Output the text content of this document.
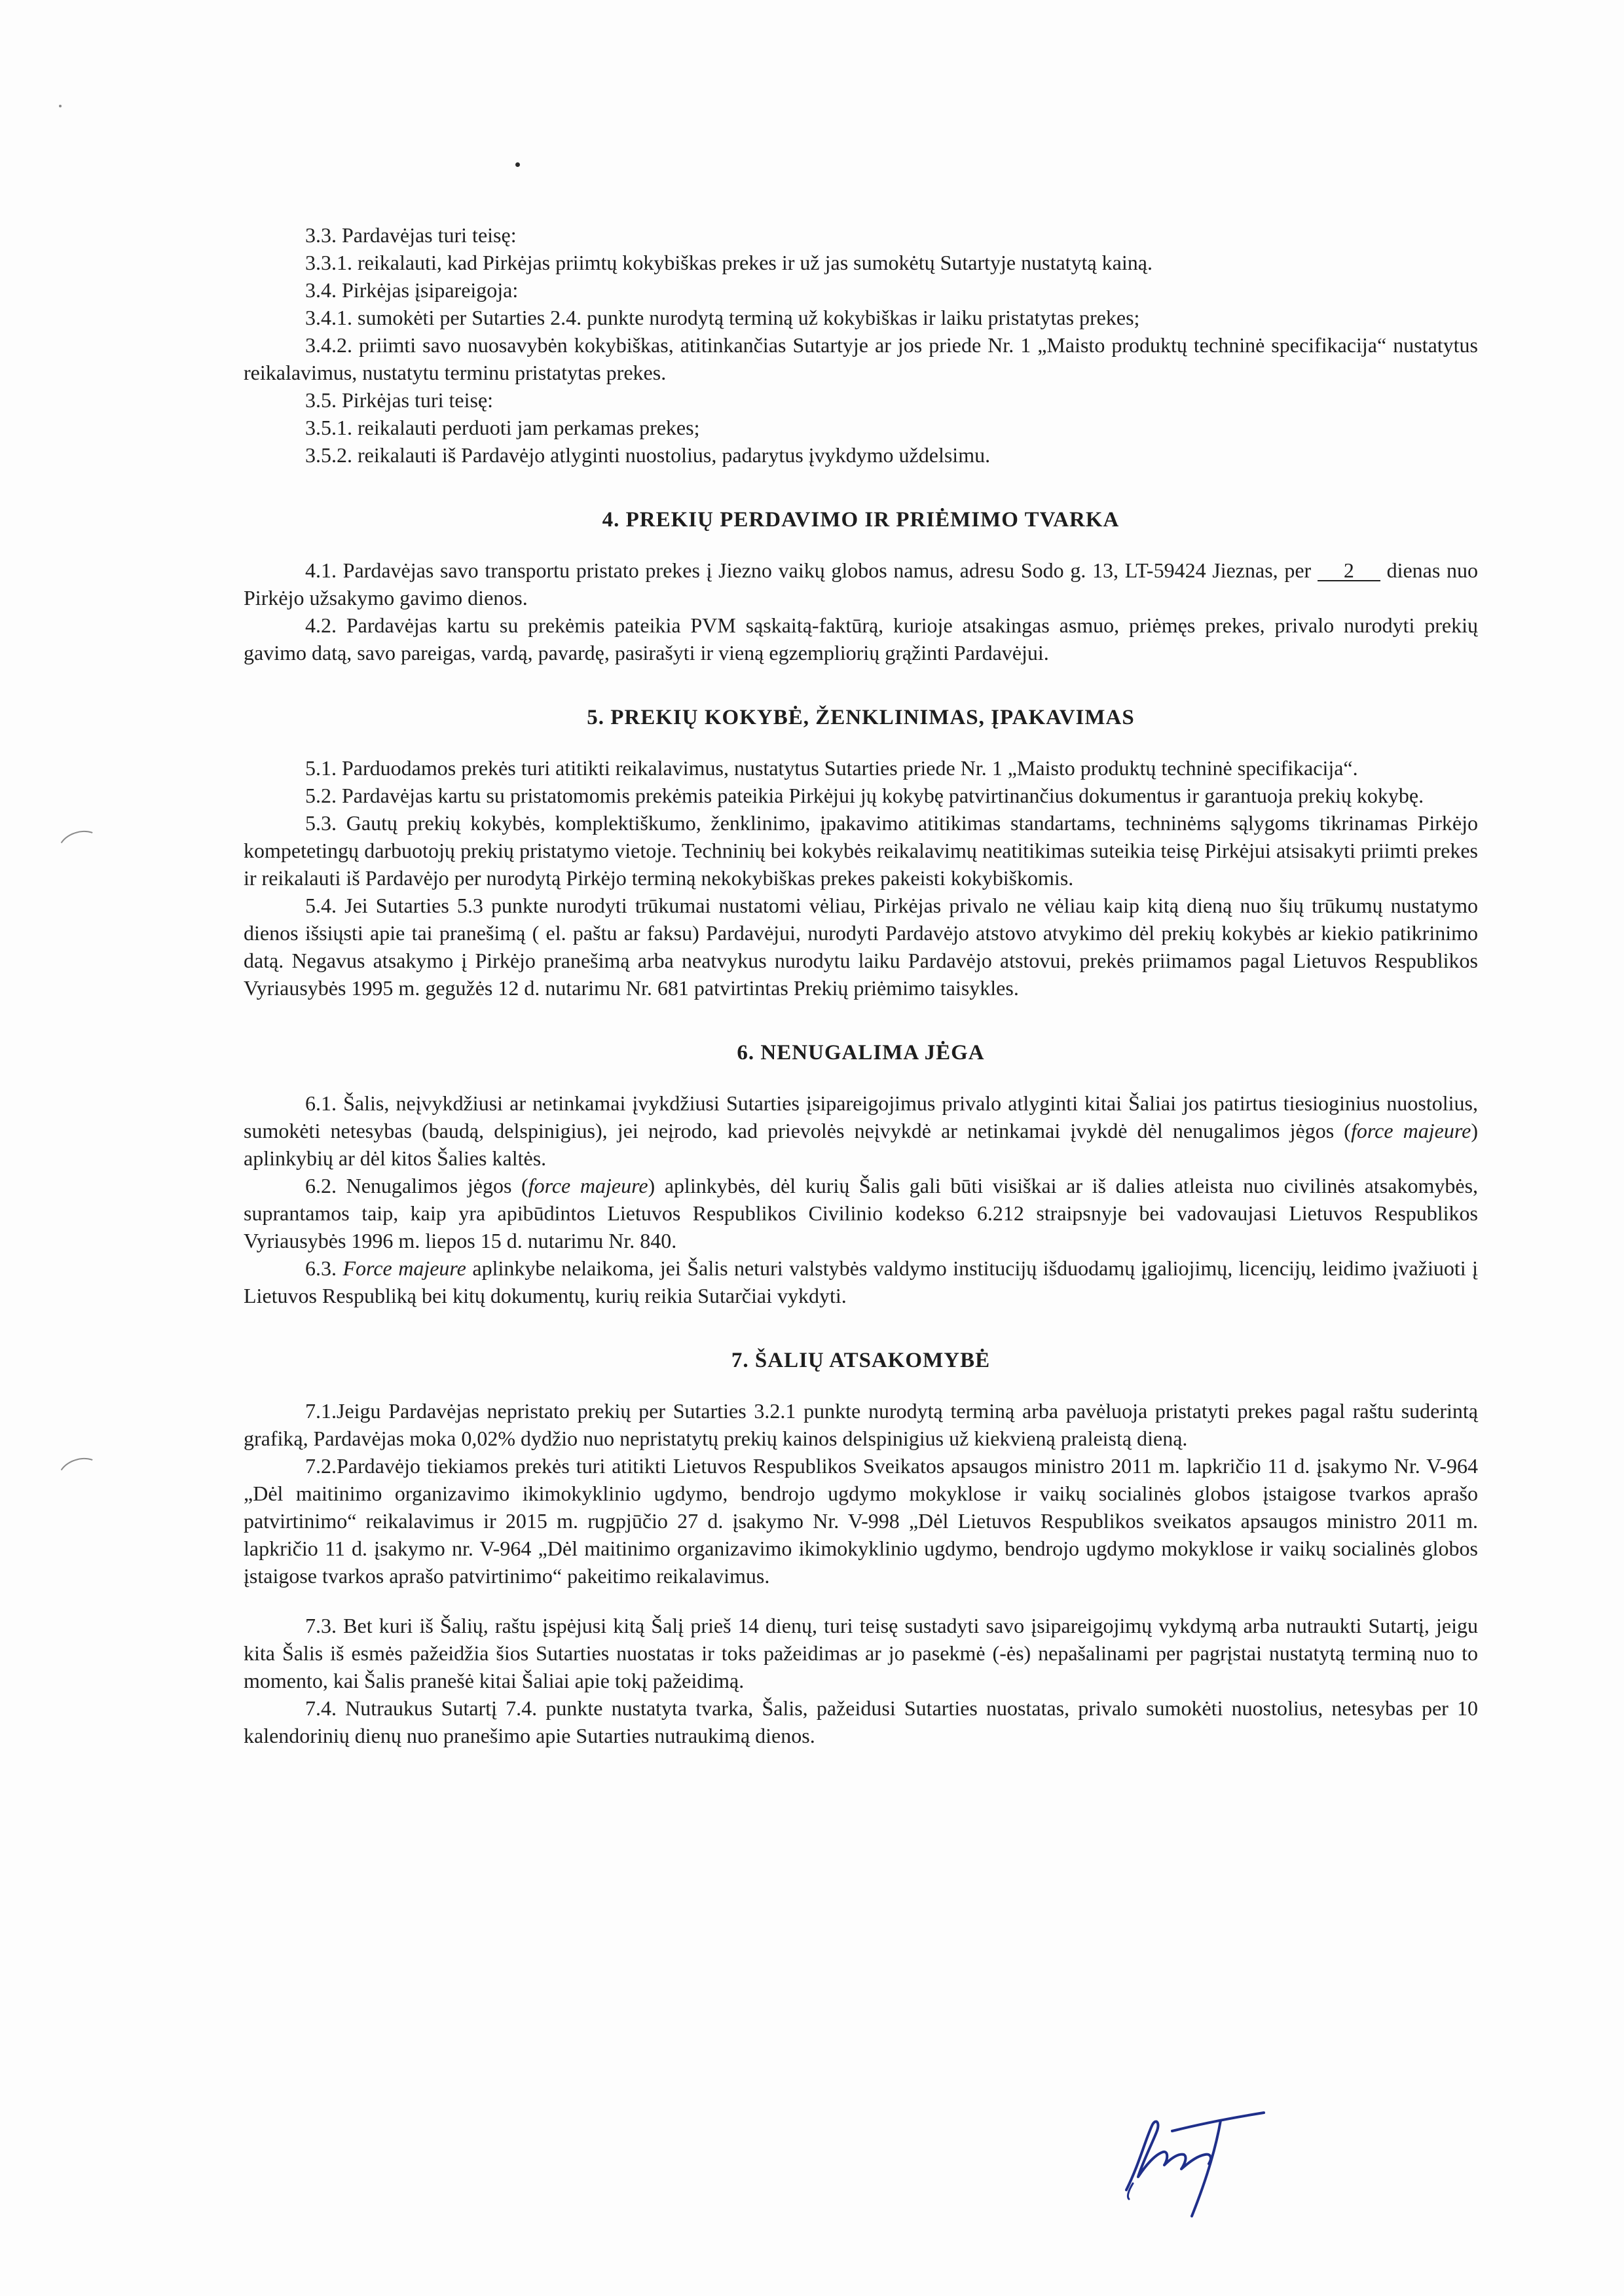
3.3. Pardavėjas turi teisę:

3.3.1. reikalauti, kad Pirkėjas priimtų kokybiškas prekes ir už jas sumokėtų Sutartyje nustatytą kainą.

3.4. Pirkėjas įsipareigoja:

3.4.1. sumokėti per Sutarties 2.4. punkte nurodytą terminą už kokybiškas ir laiku pristatytas prekes;

3.4.2. priimti savo nuosavybėn kokybiškas, atitinkančias Sutartyje ar jos priede Nr. 1 „Maisto produktų techninė specifikacija“ nustatytus reikalavimus, nustatytu terminu pristatytas prekes.

3.5. Pirkėjas turi teisę:

3.5.1. reikalauti perduoti jam perkamas prekes;

3.5.2. reikalauti iš Pardavėjo atlyginti nuostolius, padarytus įvykdymo uždelsimu.

4. PREKIŲ PERDAVIMO IR PRIĖMIMO TVARKA

4.1. Pardavėjas savo transportu pristato prekes į Jiezno vaikų globos namus, adresu Sodo g. 13, LT-59424 Jieznas, per 2 dienas nuo Pirkėjo užsakymo gavimo dienos.

4.2. Pardavėjas kartu su prekėmis pateikia PVM sąskaitą-faktūrą, kurioje atsakingas asmuo, priėmęs prekes, privalo nurodyti prekių gavimo datą, savo pareigas, vardą, pavardę, pasirašyti ir vieną egzempliorių grąžinti Pardavėjui.

5. PREKIŲ KOKYBĖ, ŽENKLINIMAS, ĮPAKAVIMAS

5.1. Parduodamos prekės turi atitikti reikalavimus, nustatytus Sutarties priede Nr. 1 „Maisto produktų techninė specifikacija“.

5.2. Pardavėjas kartu su pristatomomis prekėmis pateikia Pirkėjui jų kokybę patvirtinančius dokumentus ir garantuoja prekių kokybę.

5.3. Gautų prekių kokybės, komplektiškumo, ženklinimo, įpakavimo atitikimas standartams, techninėms sąlygoms tikrinamas Pirkėjo kompetetingų darbuotojų prekių pristatymo vietoje. Techninių bei kokybės reikalavimų neatitikimas suteikia teisę Pirkėjui atsisakyti priimti prekes ir reikalauti iš Pardavėjo per nurodytą Pirkėjo terminą nekokybiškas prekes pakeisti kokybiškomis.

5.4. Jei Sutarties 5.3 punkte nurodyti trūkumai nustatomi vėliau, Pirkėjas privalo ne vėliau kaip kitą dieną nuo šių trūkumų nustatymo dienos išsiųsti apie tai pranešimą ( el. paštu ar faksu) Pardavėjui, nurodyti Pardavėjo atstovo atvykimo dėl prekių kokybės ar kiekio patikrinimo datą. Negavus atsakymo į Pirkėjo pranešimą arba neatvykus nurodytu laiku Pardavėjo atstovui, prekės priimamos pagal Lietuvos Respublikos Vyriausybės 1995 m. gegužės 12 d. nutarimu Nr. 681 patvirtintas Prekių priėmimo taisykles.

6. NENUGALIMA JĖGA

6.1. Šalis, neįvykdžiusi ar netinkamai įvykdžiusi Sutarties įsipareigojimus privalo atlyginti kitai Šaliai jos patirtus tiesioginius nuostolius, sumokėti netesybas (baudą, delspinigius), jei neįrodo, kad prievolės neįvykdė ar netinkamai įvykdė dėl nenugalimos jėgos (force majeure) aplinkybių ar dėl kitos Šalies kaltės.

6.2. Nenugalimos jėgos (force majeure) aplinkybės, dėl kurių Šalis gali būti visiškai ar iš dalies atleista nuo civilinės atsakomybės, suprantamos taip, kaip yra apibūdintos Lietuvos Respublikos Civilinio kodekso 6.212 straipsnyje bei vadovaujasi Lietuvos Respublikos Vyriausybės 1996 m. liepos 15 d. nutarimu Nr. 840.

6.3. Force majeure aplinkybe nelaikoma, jei Šalis neturi valstybės valdymo institucijų išduodamų įgaliojimų, licencijų, leidimo įvažiuoti į Lietuvos Respubliką bei kitų dokumentų, kurių reikia Sutarčiai vykdyti.

7. ŠALIŲ ATSAKOMYBĖ

7.1.Jeigu Pardavėjas nepristato prekių per Sutarties 3.2.1 punkte nurodytą terminą arba pavėluoja pristatyti prekes pagal raštu suderintą grafiką, Pardavėjas moka 0,02% dydžio nuo nepristatytų prekių kainos delspinigius už kiekvieną praleistą dieną.

7.2.Pardavėjo tiekiamos prekės turi atitikti Lietuvos Respublikos Sveikatos apsaugos ministro 2011 m. lapkričio 11 d. įsakymo Nr. V-964 „Dėl maitinimo organizavimo ikimokyklinio ugdymo, bendrojo ugdymo mokyklose ir vaikų socialinės globos įstaigose tvarkos aprašo patvirtinimo“ reikalavimus ir 2015 m. rugpjūčio 27 d. įsakymo Nr. V-998 „Dėl Lietuvos Respublikos sveikatos apsaugos ministro 2011 m. lapkričio 11 d. įsakymo nr. V-964 „Dėl maitinimo organizavimo ikimokyklinio ugdymo, bendrojo ugdymo mokyklose ir vaikų socialinės globos įstaigose tvarkos aprašo patvirtinimo“ pakeitimo reikalavimus.

7.3. Bet kuri iš Šalių, raštu įspėjusi kitą Šalį prieš 14 dienų, turi teisę sustadyti savo įsipareigojimų vykdymą arba nutraukti Sutartį, jeigu kita Šalis iš esmės pažeidžia šios Sutarties nuostatas ir toks pažeidimas ar jo pasekmė (-ės) nepašalinami per pagrįstai nustatytą terminą nuo to momento, kai Šalis pranešė kitai Šaliai apie tokį pažeidimą.

7.4. Nutraukus Sutartį 7.4. punkte nustatyta tvarka, Šalis, pažeidusi Sutarties nuostatas, privalo sumokėti nuostolius, netesybas per 10 kalendorinių dienų nuo pranešimo apie Sutarties nutraukimą dienos.
